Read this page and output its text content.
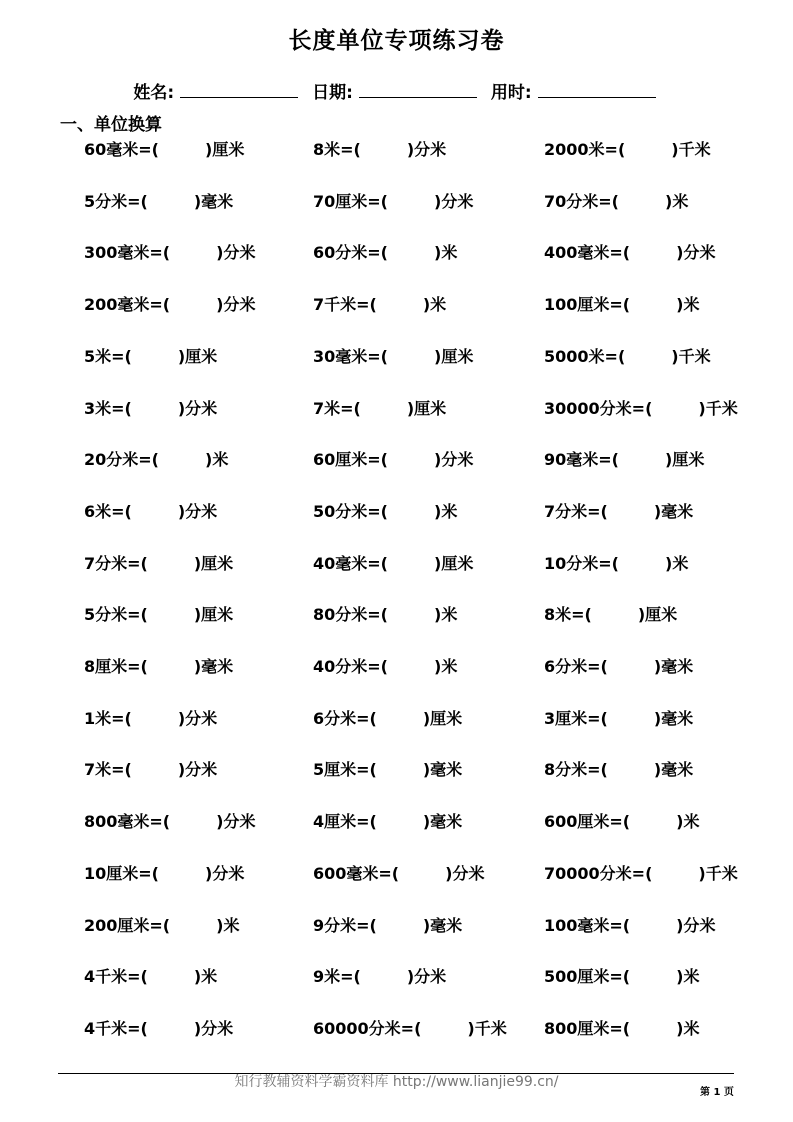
长度单位专项练习卷
姓名:	日期:	用时:
一、单位换算
60毫米=(	)厘米	8米=(	)分米	2000米=(	)千米
5分米=(	)毫米	70厘米=(	)分米	70分米=(	)米
300毫米=(	)分米	60分米=(	)米	400毫米=(	)分米
200毫米=(	)分米	7千米=(	)米	100厘米=(	)米
5米=(	)厘米	30毫米=(	)厘米	5000米=(	)千米
3米=(	)分米	7米=(	)厘米	30000分米=(	)千米
20分米=(	)米	60厘米=(	)分米	90毫米=(	)厘米
6米=(	)分米	50分米=(	)米	7分米=(	)毫米
7分米=(	)厘米	40毫米=(	)厘米	10分米=(	)米
5分米=(	)厘米	80分米=(	)米	8米=(	)厘米
8厘米=(	)毫米	40分米=(	)米	6分米=(	)毫米
1米=(	)分米	6分米=(	)厘米	3厘米=(	)毫米
7米=(	)分米	5厘米=(	)毫米	8分米=(	)毫米
800毫米=(	)分米	4厘米=(	)毫米	600厘米=(	)米
10厘米=(	)分米	600毫米=(	)分米	70000分米=(	)千米
200厘米=(	)米	9分米=(	)毫米	100毫米=(	)分米
4千米=(	)米	9米=(	)分米	500厘米=(	)米
4千米=(	)分米	60000分米=(	)千米 800厘米=(	)米
知行教辅资料学霸资料库 http://www.lianjie99.cn/
第 1 页
